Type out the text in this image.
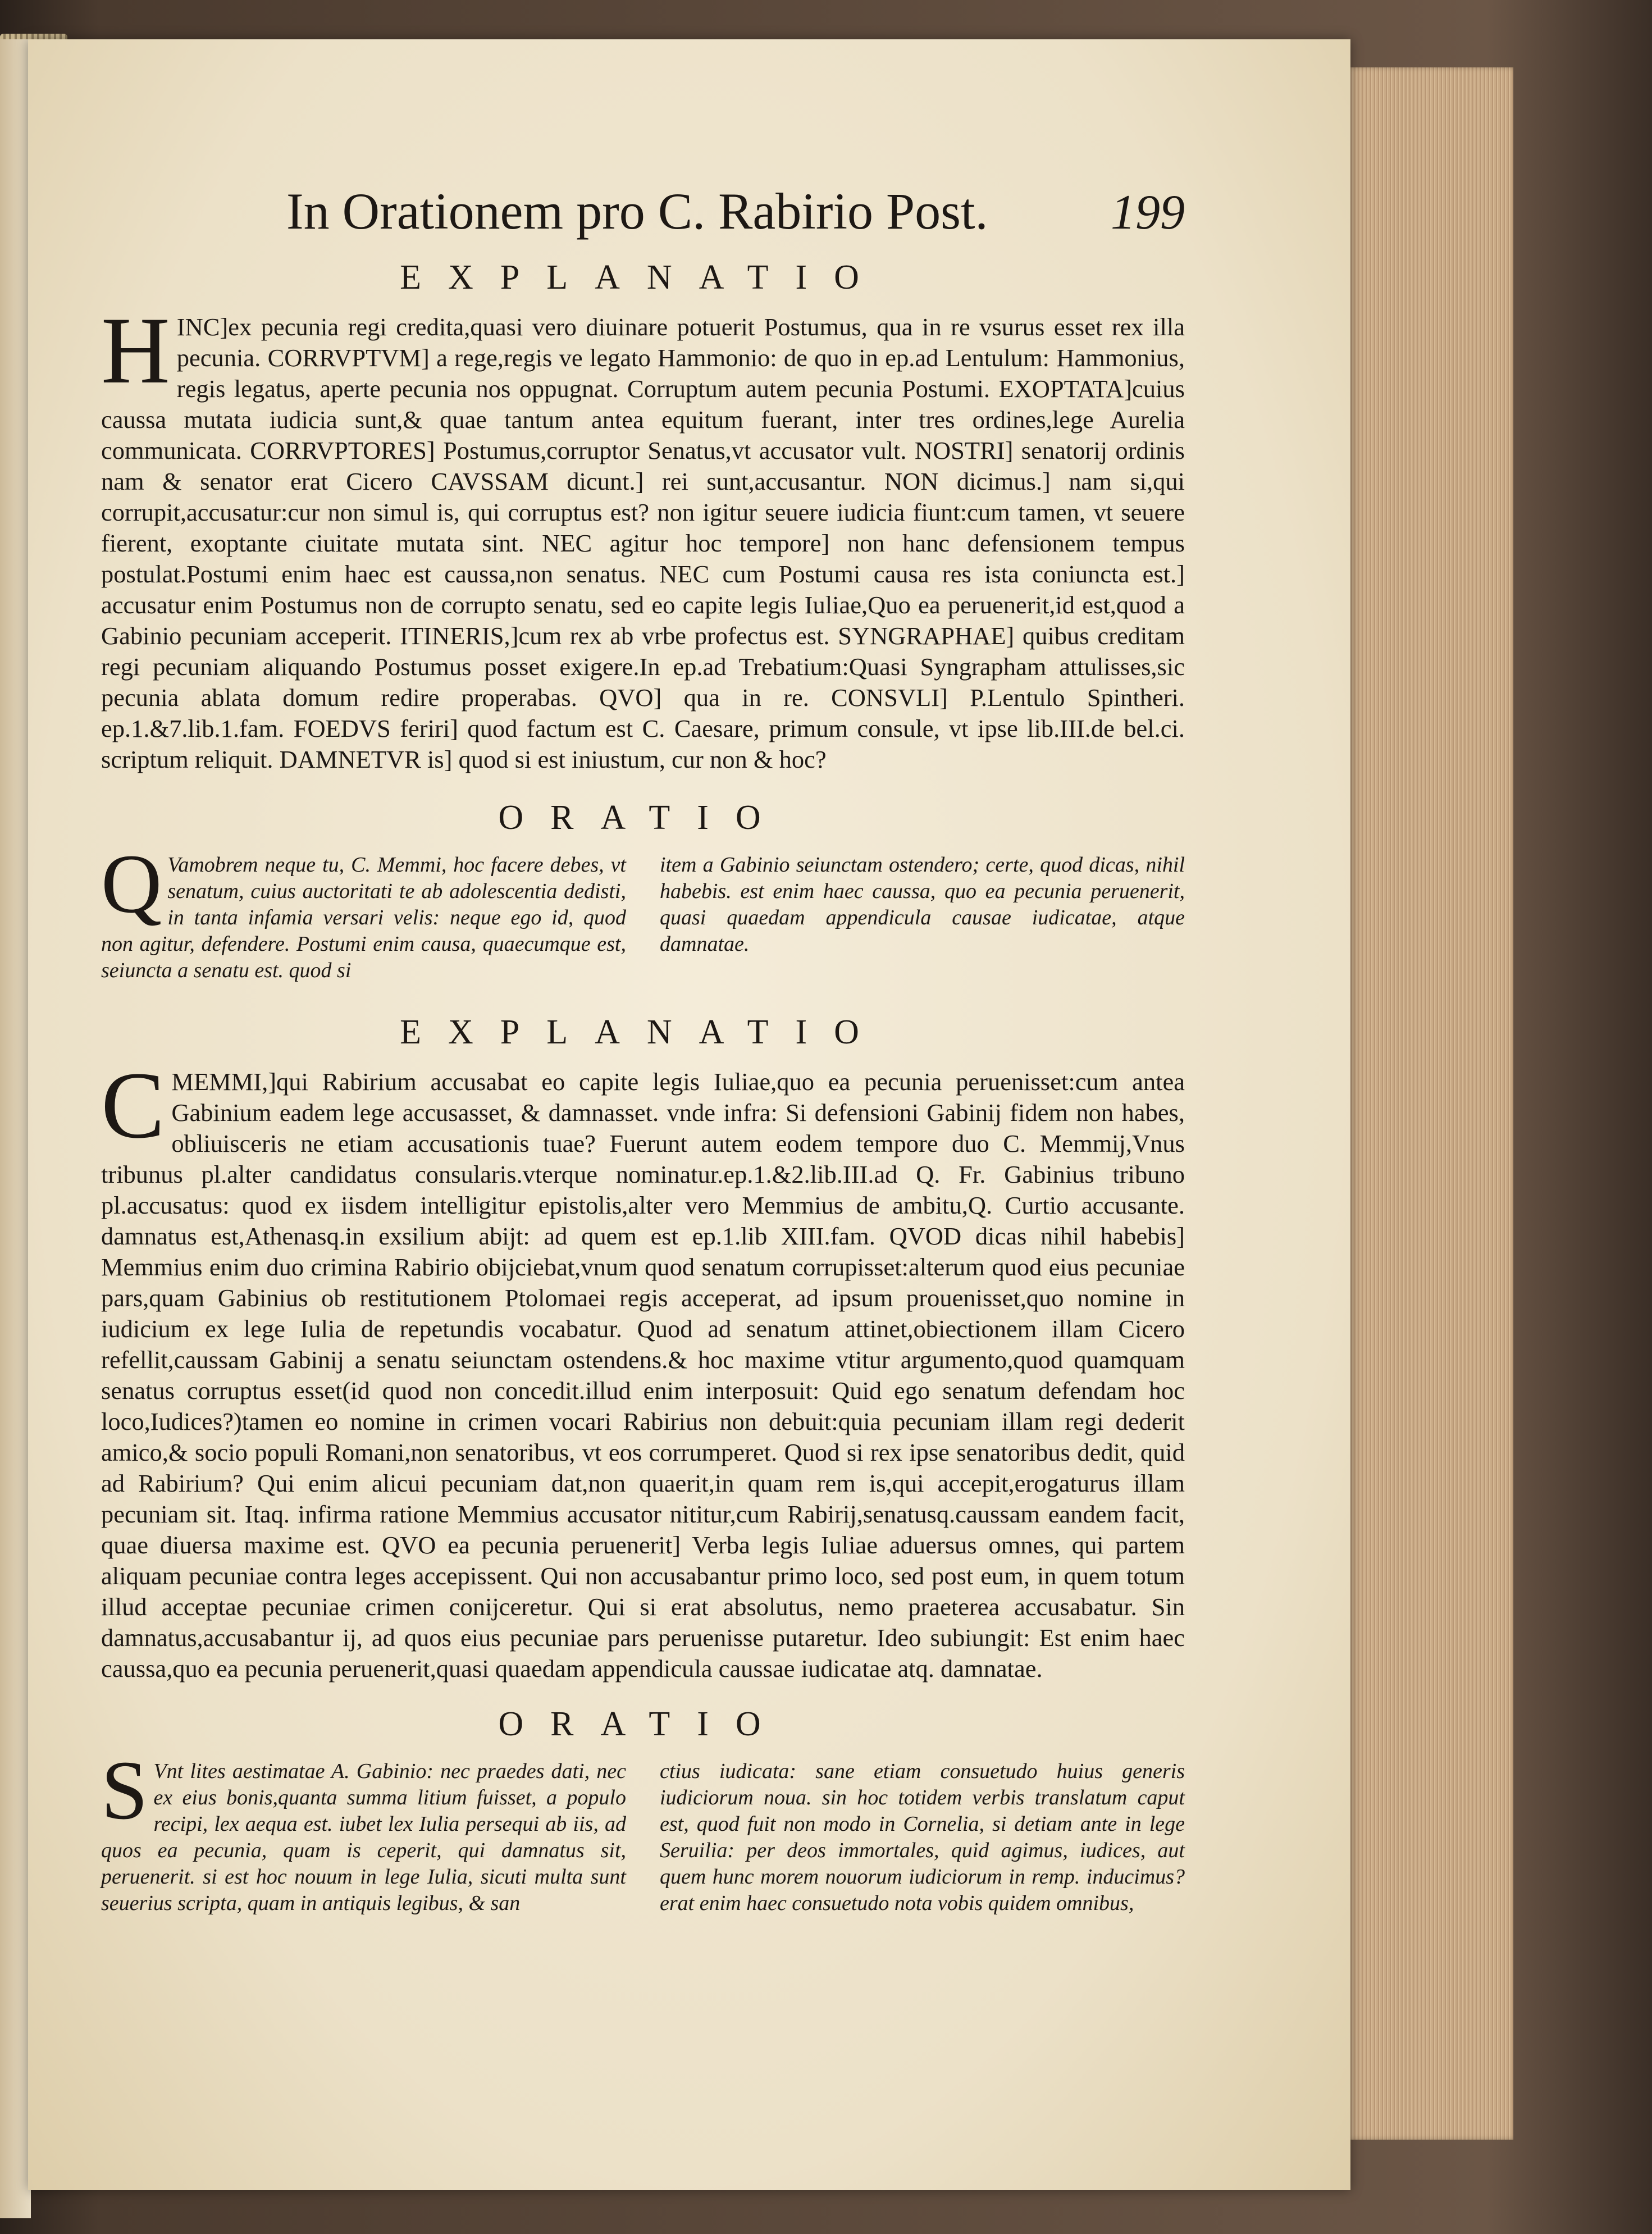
In Orationem pro C. Rabirio Post. 199
EXPLANATIO

HINC]ex pecunia regi credita,quasi vero diuinare potuerit Postumus, qua in re vsurus esset rex illa pecunia. CORRVPTVM] a rege,regis ve legato Hammonio: de quo in ep.ad Lentulum: Hammonius, regis legatus, aperte pecunia nos oppugnat. Corruptum autem pecunia Postumi. EXOPTATA]cuius caussa mutata iudicia sunt,& quae tantum antea equitum fuerant, inter tres ordines,lege Aurelia communicata. CORRVPTORES] Postumus,corruptor Senatus,vt accusator vult. NOSTRI] senatorij ordinis nam & senator erat Cicero CAVSSAM dicunt.] rei sunt,accusantur. NON dicimus.] nam si,qui corrupit,accusatur:cur non simul is, qui corruptus est? non igitur seuere iudicia fiunt:cum tamen, vt seuere fierent, exoptante ciuitate mutata sint. NEC agitur hoc tempore] non hanc defensionem tempus postulat.Postumi enim haec est caussa,non senatus. NEC cum Postumi causa res ista coniuncta est.] accusatur enim Postumus non de corrupto senatu, sed eo capite legis Iuliae,Quo ea peruenerit,id est,quod a Gabinio pecuniam acceperit. ITINERIS,]cum rex ab vrbe profectus est. SYNGRAPHAE] quibus creditam regi pecuniam aliquando Postumus posset exigere.In ep.ad Trebatium:Quasi Syngrapham attulisses,sic pecunia ablata domum redire properabas. QVO] qua in re. CONSVLI] P.Lentulo Spintheri. ep.1.&7.lib.1.fam. FOEDVS feriri] quod factum est C. Caesare, primum consule, vt ipse lib.III.de bel.ci. scriptum reliquit. DAMNETVR is] quod si est iniustum, cur non & hoc?

ORATIO

Q Vamobrem neque tu, C. Memmi, hoc facere debes, vt senatum, cuius auctoritati te ab adolescentia dedisti, in tanta infamia versari velis: neque ego id, quod non agitur, defendere. Postumi enim causa, quaecumque est, seiuncta a senatu est. quod si

item a Gabinio seiunctam ostendero; certe, quod dicas, nihil habebis. est enim haec caussa, quo ea pecunia peruenerit, quasi quaedam appendicula causae iudicatae, atque damnatae.

EXPLANATIO

CMEMMI,]qui Rabirium accusabat eo capite legis Iuliae,quo ea pecunia peruenisset:cum antea Gabinium eadem lege accusasset, & damnasset. vnde infra: Si defensioni Gabinij fidem non habes, obliuisceris ne etiam accusationis tuae? Fuerunt autem eodem tempore duo C. Memmij,Vnus tribunus pl.alter candidatus consularis.vterque nominatur.ep.1.&2.lib.III.ad Q. Fr. Gabinius tribuno pl.accusatus: quod ex iisdem intelligitur epistolis,alter vero Memmius de ambitu,Q. Curtio accusante. damnatus est,Athenasq.in exsilium abijt: ad quem est ep.1.lib XIII.fam. QVOD dicas nihil habebis] Memmius enim duo crimina Rabirio obijciebat,vnum quod senatum corrupisset:alterum quod eius pecuniae pars,quam Gabinius ob restitutionem Ptolomaei regis acceperat, ad ipsum prouenisset,quo nomine in iudicium ex lege Iulia de repetundis vocabatur. Quod ad senatum attinet,obiectionem illam Cicero refellit,caussam Gabinij a senatu seiunctam ostendens.& hoc maxime vtitur argumento,quod quamquam senatus corruptus esset(id quod non concedit.illud enim interposuit: Quid ego senatum defendam hoc loco,Iudices?)tamen eo nomine in crimen vocari Rabirius non debuit:quia pecuniam illam regi dederit amico,& socio populi Romani,non senatoribus, vt eos corrumperet. Quod si rex ipse senatoribus dedit, quid ad Rabirium? Qui enim alicui pecuniam dat,non quaerit,in quam rem is,qui accepit,erogaturus illam pecuniam sit. Itaq. infirma ratione Memmius accusator nititur,cum Rabirij,senatusq.caussam eandem facit, quae diuersa maxime est. QVO ea pecunia peruenerit] Verba legis Iuliae aduersus omnes, qui partem aliquam pecuniae contra leges accepissent. Qui non accusabantur primo loco, sed post eum, in quem totum illud acceptae pecuniae crimen conijceretur. Qui si erat absolutus, nemo praeterea accusabatur. Sin damnatus,accusabantur ij, ad quos eius pecuniae pars peruenisse putaretur. Ideo subiungit: Est enim haec caussa,quo ea pecunia peruenerit,quasi quaedam appendicula caussae iudicatae atq. damnatae.

ORATIO

S Vnt lites aestimatae A. Gabinio: nec praedes dati, nec ex eius bonis,quanta summa litium fuisset, a populo recipi, lex aequa est. iubet lex Iulia persequi ab iis, ad quos ea pecunia, quam is ceperit, qui damnatus sit, peruenerit. si est hoc nouum in lege Iulia, sicuti multa sunt seuerius scripta, quam in antiquis legibus, & san

ctius iudicata: sane etiam consuetudo huius generis iudiciorum noua. sin hoc totidem verbis translatum caput est, quod fuit non modo in Cornelia, si detiam ante in lege Seruilia: per deos immortales, quid agimus, iudices, aut quem hunc morem nouorum iudiciorum in remp. inducimus? erat enim haec consuetudo nota vobis quidem omnibus,
